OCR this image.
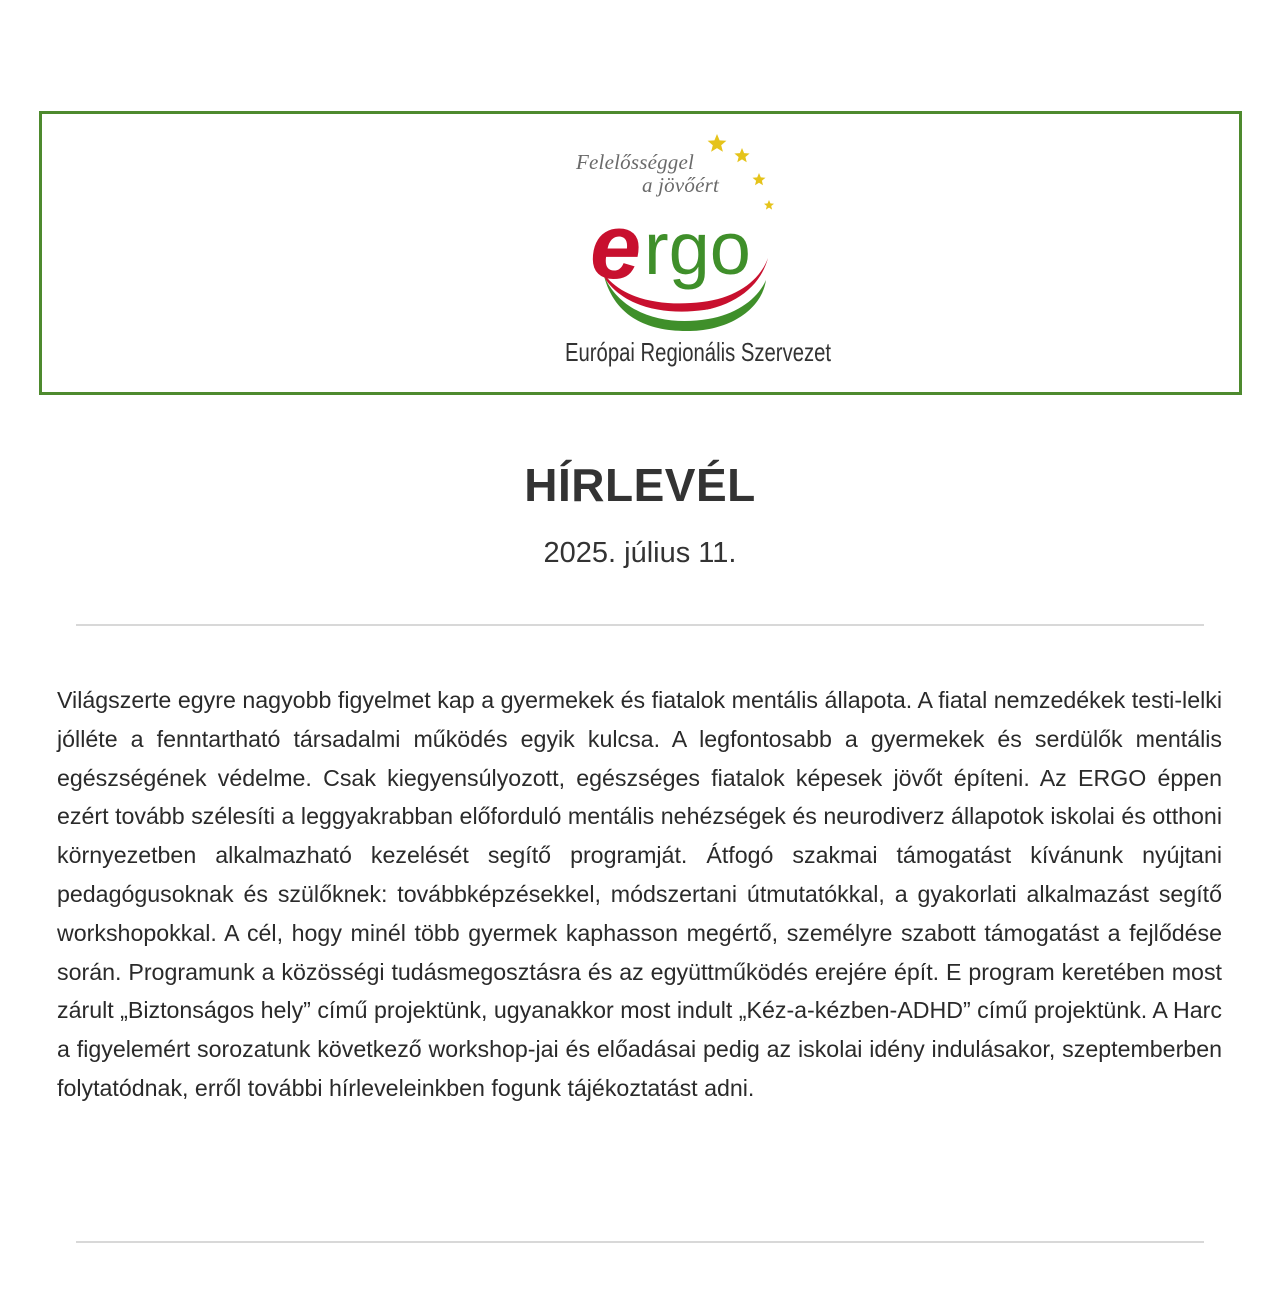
e rgo
Felelősséggel
a jövőért
Európai Regionális Szervezet
HÍRLEVÉL
2025. július 11.
Világszerte egyre nagyobb figyelmet kap a gyermekek és fiatalok mentális állapota. A fiatal nemzedékek testi-lelki jólléte a fenntartható társadalmi működés egyik kulcsa. A legfontosabb a gyermekek és serdülők mentális egészségének védelme. Csak kiegyensúlyozott, egészséges fiatalok képesek jövőt építeni. Az ERGO éppen ezért tovább szélesíti a leggyakrabban előforduló mentális nehézségek és neurodiverz állapotok iskolai és otthoni környezetben alkalmazható kezelését segítő programját. Átfogó szakmai támogatást kívánunk nyújtani pedagógusoknak és szülőknek: továbbképzésekkel, módszertani útmutatókkal, a gyakorlati alkalmazást segítő workshopokkal. A cél, hogy minél több gyermek kaphasson megértő, személyre szabott támogatást a fejlődése során. Programunk a közösségi tudásmegosztásra és az együttműködés erejére épít. E program keretében most zárult „Biztonságos hely” című projektünk, ugyanakkor most indult „Kéz-a-kézben-ADHD” című projektünk. A Harc a figyelemért sorozatunk következő workshop-jai és előadásai pedig az iskolai idény indulásakor, szeptemberben folytatódnak, erről további hírleveleinkben fogunk tájékoztatást adni.
